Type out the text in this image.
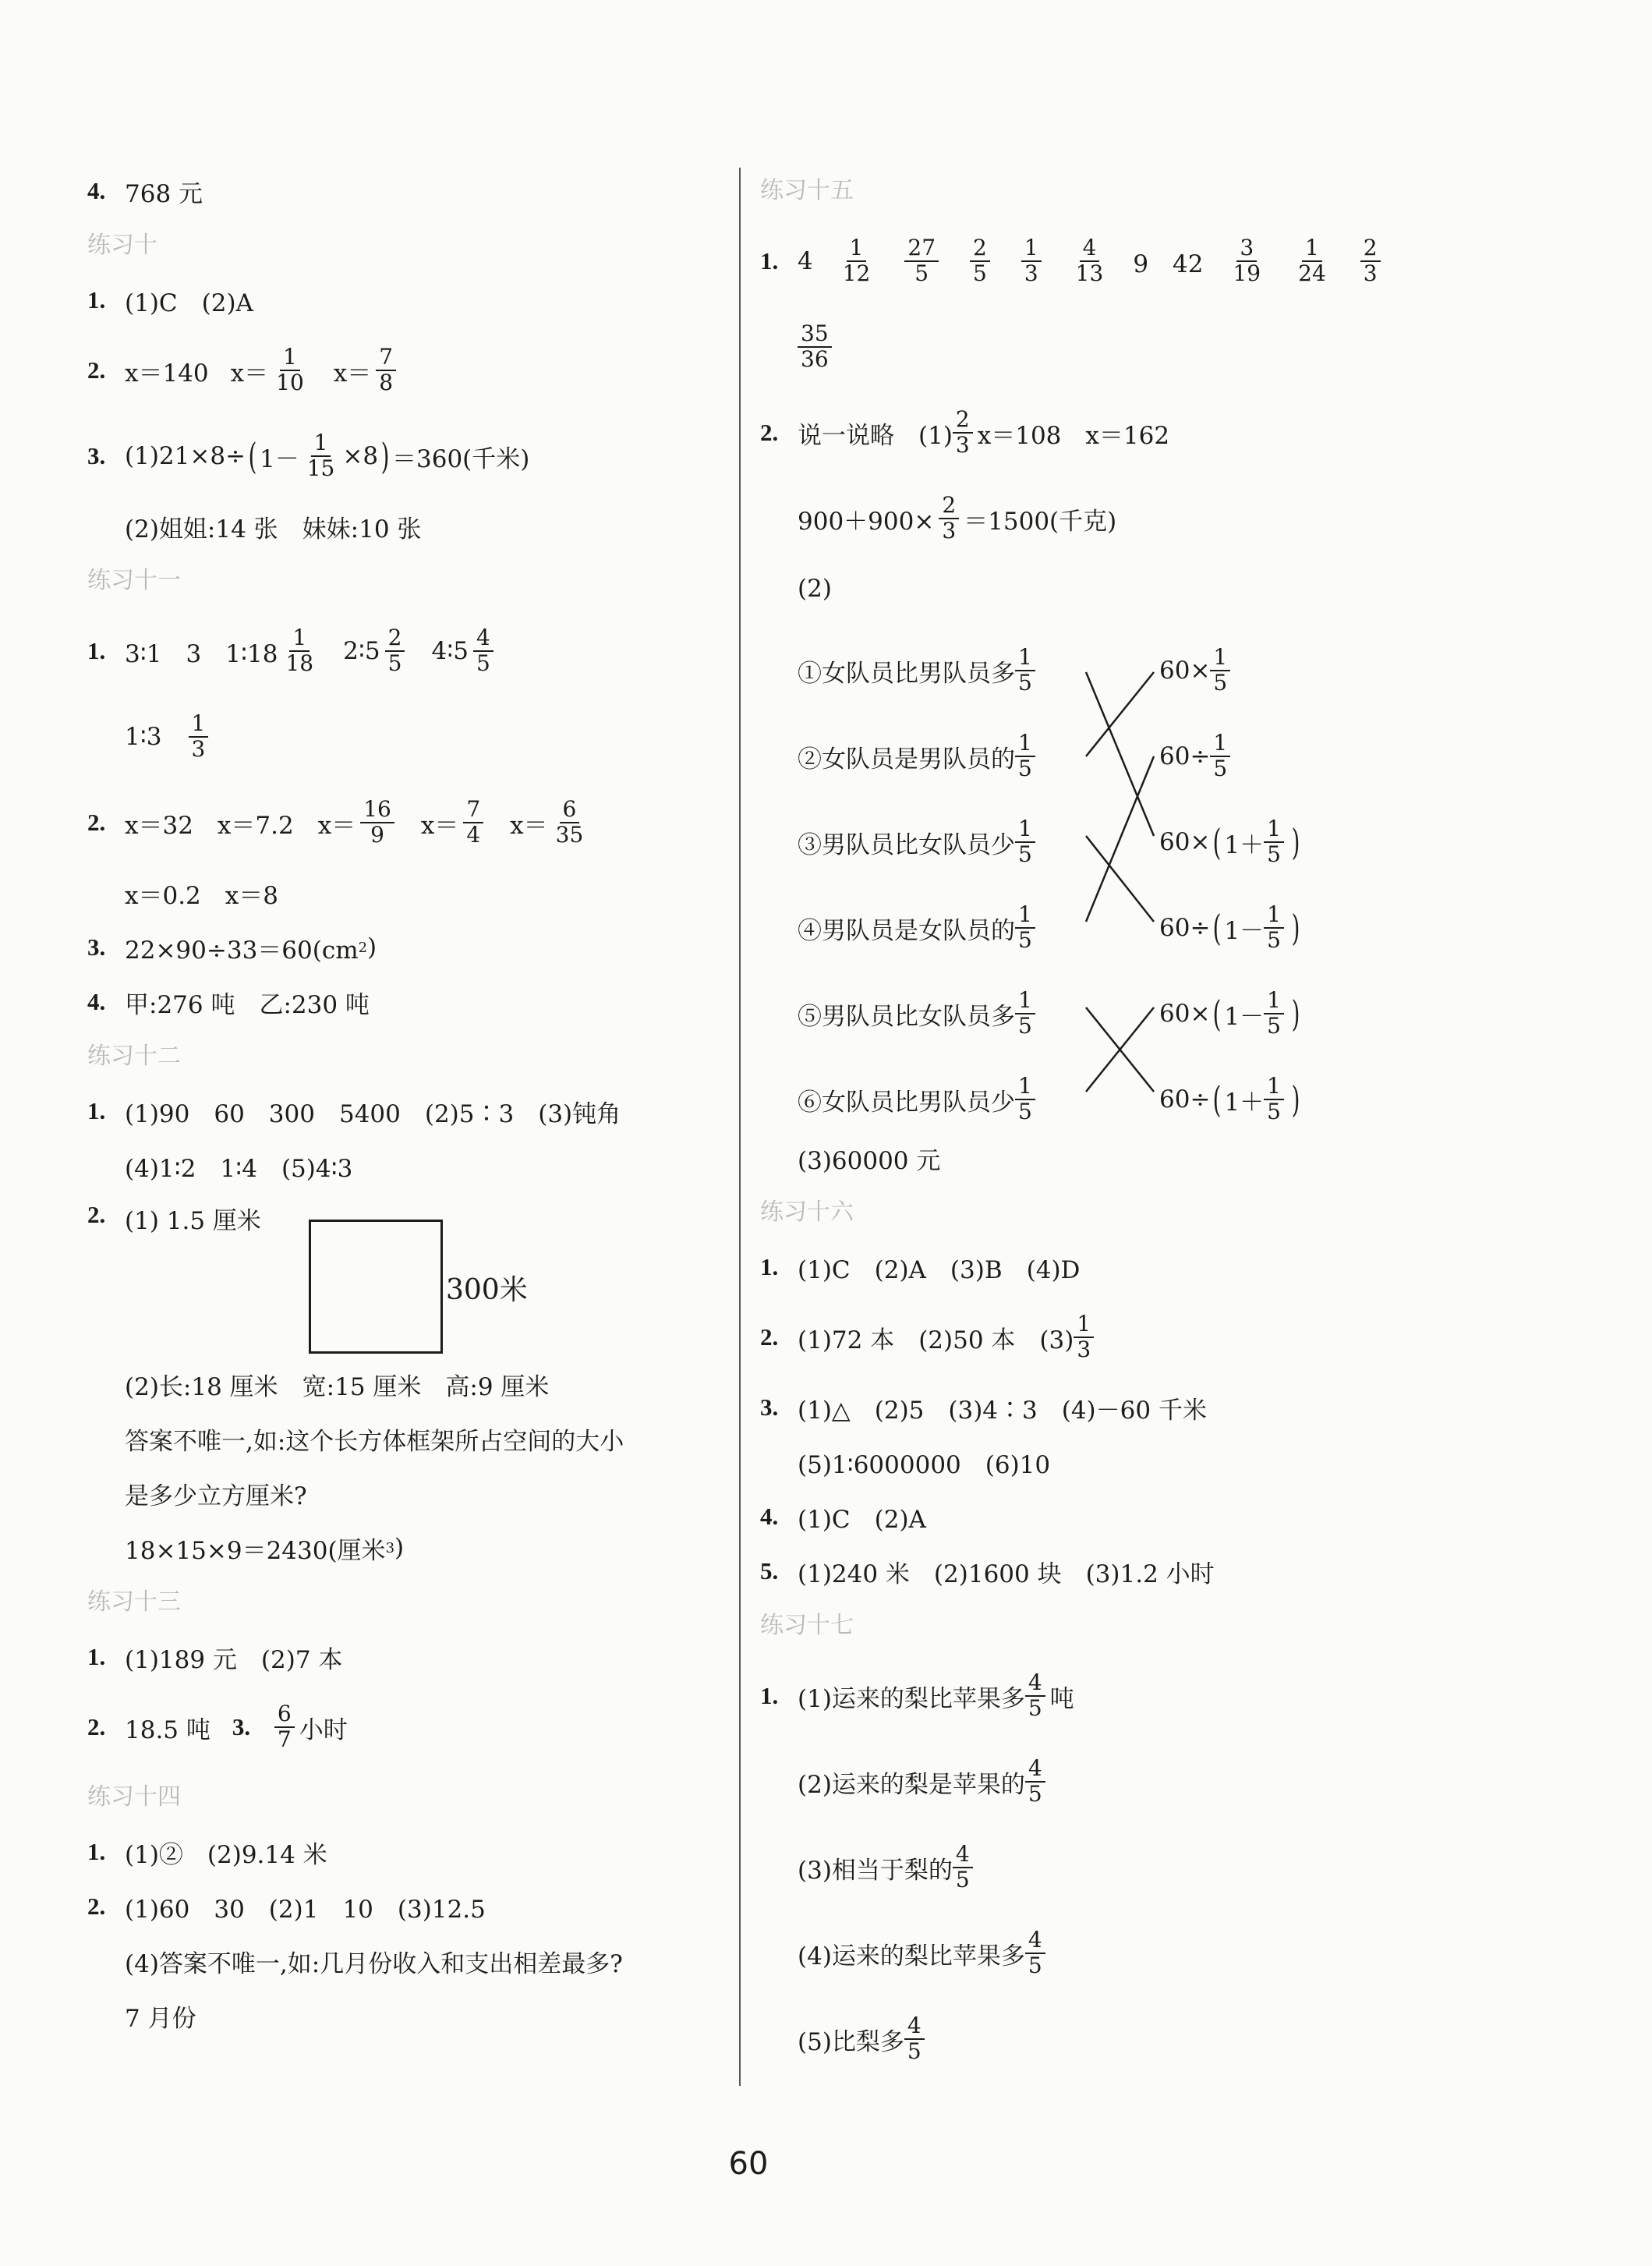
4. 768 元
练习十
1. (1)C　(2)A
2. x＝140 $x= \frac{1}{10} x= \frac{7}{8}$
3. (1)21×8÷ ( $1- \frac{1}{15} \times 8$ ) ＝360(千米)
(2)姐姐:14 张　妹妹:10 张
练习十一
1. 3∶1　3　1∶18 $\frac{1}{18}$ 2∶5 $\frac{2}{5}$ 4∶5 $\frac{4}{5}$
1∶3 $\frac{1}{3}$
2. x＝32　x＝7.2　$x= \frac{16}{9} x= \frac{7}{4} x= \frac{6}{35}$
x＝0.2　x＝8
3. 22×90÷33＝60(cm 2 )
4. 甲:276 吨　乙:230 吨
练习十二
1. (1)90　60　300　5400　(2)5∶3　(3)钝角
(4)1∶2　1∶4　(5)4∶3
2. (1) 1.5 厘米
300米
(2)长:18 厘米　宽:15 厘米　高:9 厘米
答案不唯一,如:这个长方体框架所占空间的大小
是多少立方厘米?
18×15×9＝2430(厘米 3 )
练习十三
1. (1)189 元　(2)7 本
2. 18.5 吨 3.	$\frac{6}{7}$ 小时
练习十四
1. (1)②　(2)9.14 米
2. (1)60　30　(2)1　10　(3)12.5
(4)答案不唯一,如:几月份收入和支出相差最多?
7 月份
练习十五
1. $4 \frac{1}{12} \frac{27}{5} \frac{2}{5} \frac{1}{3} \frac{4}{13} 9$　$42 \frac{3}{19} \frac{1}{24} \frac{2}{3}$
$\frac{35}{36}$
2. 说一说略　$(1) \frac{2}{3} x=108$　x＝162
$900+900\times \frac{2}{3} =1500$(千克)
(2)
①女队员比男队员多 $\frac{1}{5}$
②女队员是男队员的 $\frac{1}{5}$
③男队员比女队员少 $\frac{1}{5}$
④男队员是女队员的 $\frac{1}{5}$
⑤男队员比女队员多 $\frac{1}{5}$
⑥女队员比男队员少 $\frac{1}{5}$
$60\times \frac{1}{5}$
$60\div \frac{1}{5}$
60× ( $1+ \frac{1}{5}$ )
60÷ ( $1- \frac{1}{5}$ )
60× ( $1- \frac{1}{5}$ )
60÷ ( $1+ \frac{1}{5}$ )
(3)60000 元
练习十六
1. (1)C　(2)A　(3)B　(4)D
2. (1)72 本　(2)50 本　$(3) \frac{1}{3}$
3. (1)△　(2)5　(3)4∶3　(4)－60 千米
(5)1∶6000000　(6)10
4. (1)C　(2)A
5. (1)240 米　(2)1600 块　(3)1.2 小时
练习十七
1. (1)运来的梨比苹果多 $\frac{4}{5}$ 吨
(2)运来的梨是苹果的 $\frac{4}{5}$
(3)相当于梨的 $\frac{4}{5}$
(4)运来的梨比苹果多 $\frac{4}{5}$
(5)比梨多 $\frac{4}{5}$
60
